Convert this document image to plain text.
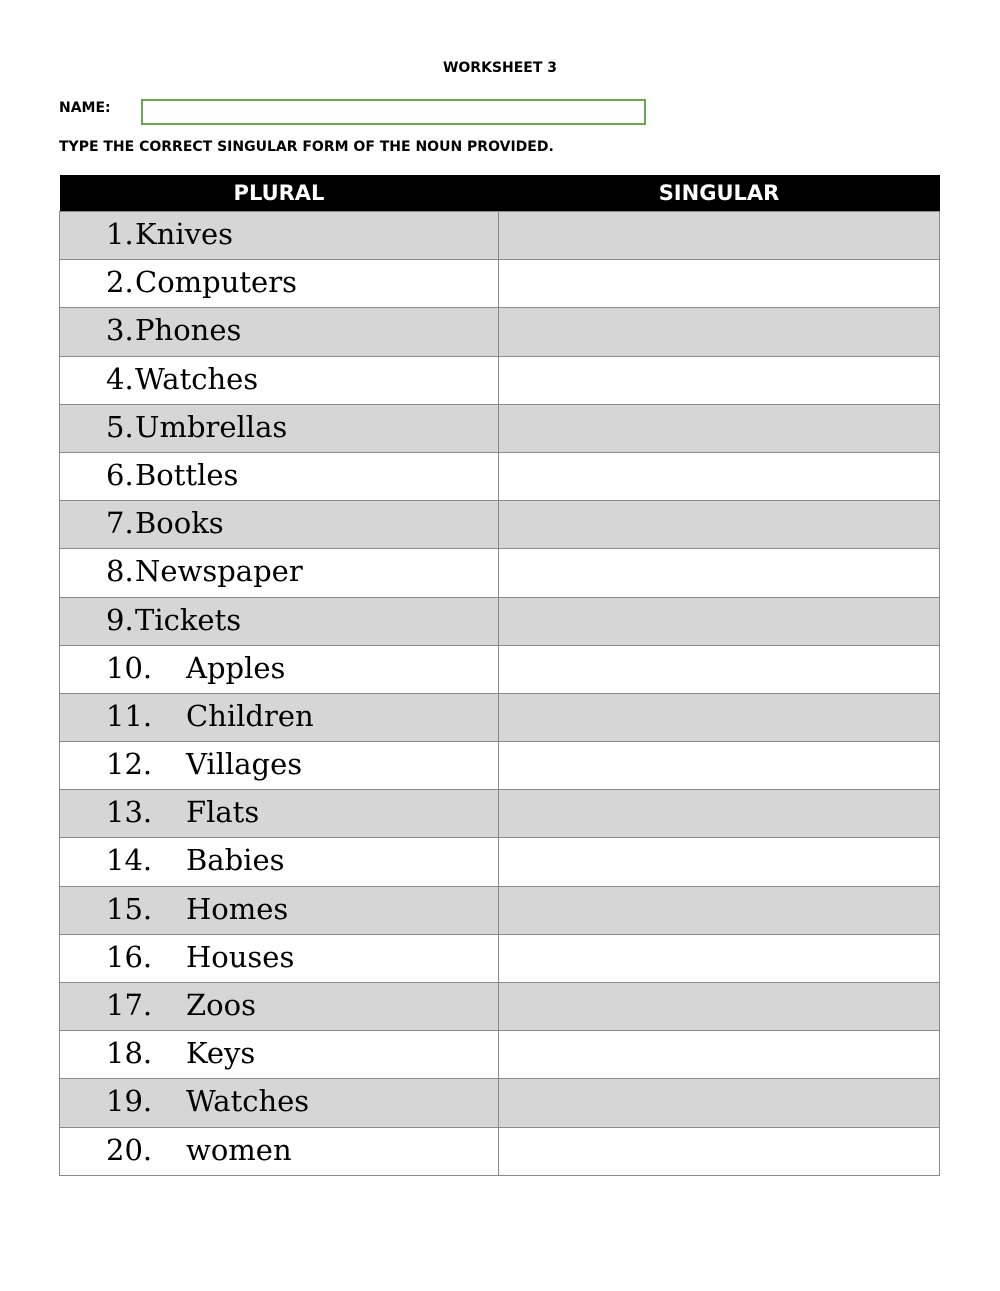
WORKSHEET 3
NAME:
TYPE THE CORRECT SINGULAR FORM OF THE NOUN PROVIDED.
PLURAL	SINGULAR

1. Knives

2. Computers

3. Phones

4. Watches

5. Umbrellas

6. Bottles

7. Books

8. Newspaper

9. Tickets

10. Apples

11. Children

12. Villages

13. Flats

14. Babies

15. Homes

16. Houses

17. Zoos

18. Keys

19. Watches

20. women
